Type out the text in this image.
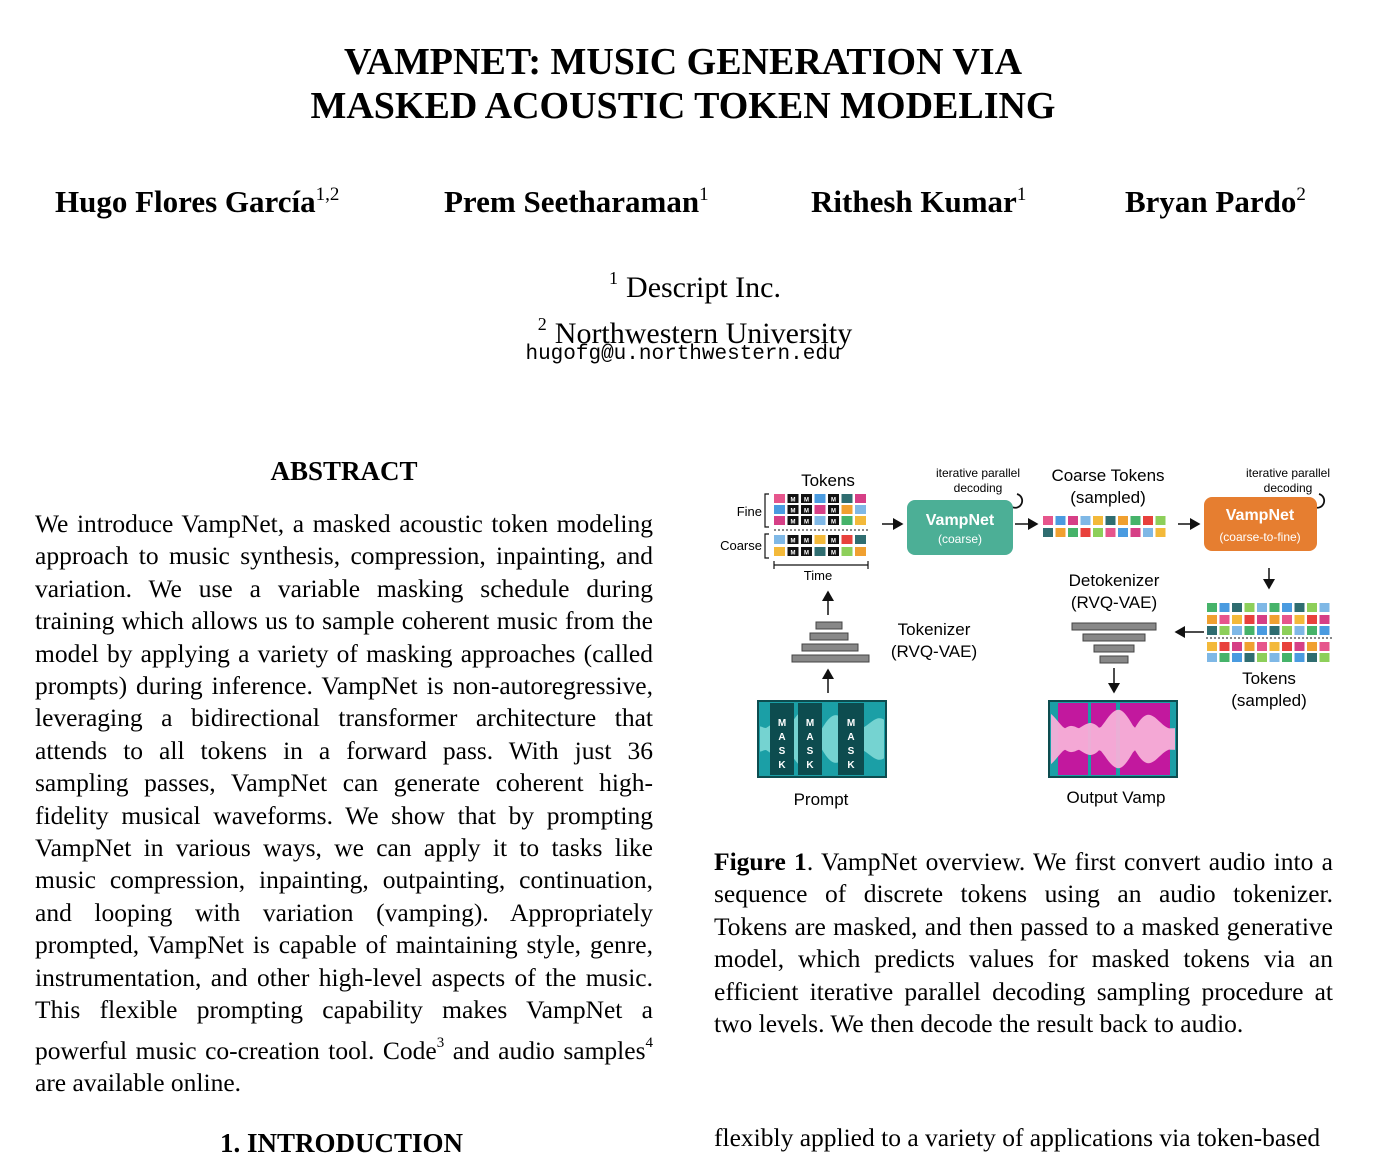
VAMPNET: MUSIC GENERATION VIA
MASKED ACOUSTIC TOKEN MODELING
Hugo Flores García$^{1,2}$	Prem Seetharaman$^1$	Rithesh Kumar$^1$	Bryan Pardo$^2$
$^1$ Descript Inc.
$^2$ Northwestern University
hugofg@u.northwestern.edu
ABSTRACT
We introduce VampNet, a masked acoustic token modeling approach to music synthesis, compression, inpainting, and variation. We use a variable masking schedule during training which allows us to sample coherent music from the model by applying a variety of masking approaches (called prompts) during inference. VampNet is non-autoregressive, leveraging a bidirectional transformer architecture that attends to all tokens in a forward pass. With just 36 sampling passes, VampNet can generate coherent high-fidelity musical waveforms. We show that by prompting VampNet in various ways, we can apply it to tasks like music compression, inpainting, outpainting, continuation, and looping with variation (vamping). Appropriately prompted, VampNet is capable of maintaining style, genre, instrumentation, and other high-level aspects of the music. This flexible prompting capability makes VampNet a powerful music co-creation tool. Code$^3$ and audio samples$^4$ are available online.
1. INTRODUCTION
Tokens
Fine
Coarse
M M	M
M M	M
M M	M
M M	M
M M	M
Time
iterative parallel
decoding
VampNet
(coarse)
Coarse Tokens
(sampled)
iterative parallel
decoding
VampNet
(coarse-to-fine)
Tokens
(sampled)
Detokenizer
(RVQ-VAE)
Tokenizer
(RVQ-VAE)
M
A
S
K
M
A
S
K
M
A
S
K
Prompt	Output Vamp
Figure 1. VampNet overview. We first convert audio into a sequence of discrete tokens using an audio tokenizer. Tokens are masked, and then passed to a masked generative model, which predicts values for masked tokens via an efficient iterative parallel decoding sampling procedure at two levels. We then decode the result back to audio.
flexibly applied to a variety of applications via token-based
